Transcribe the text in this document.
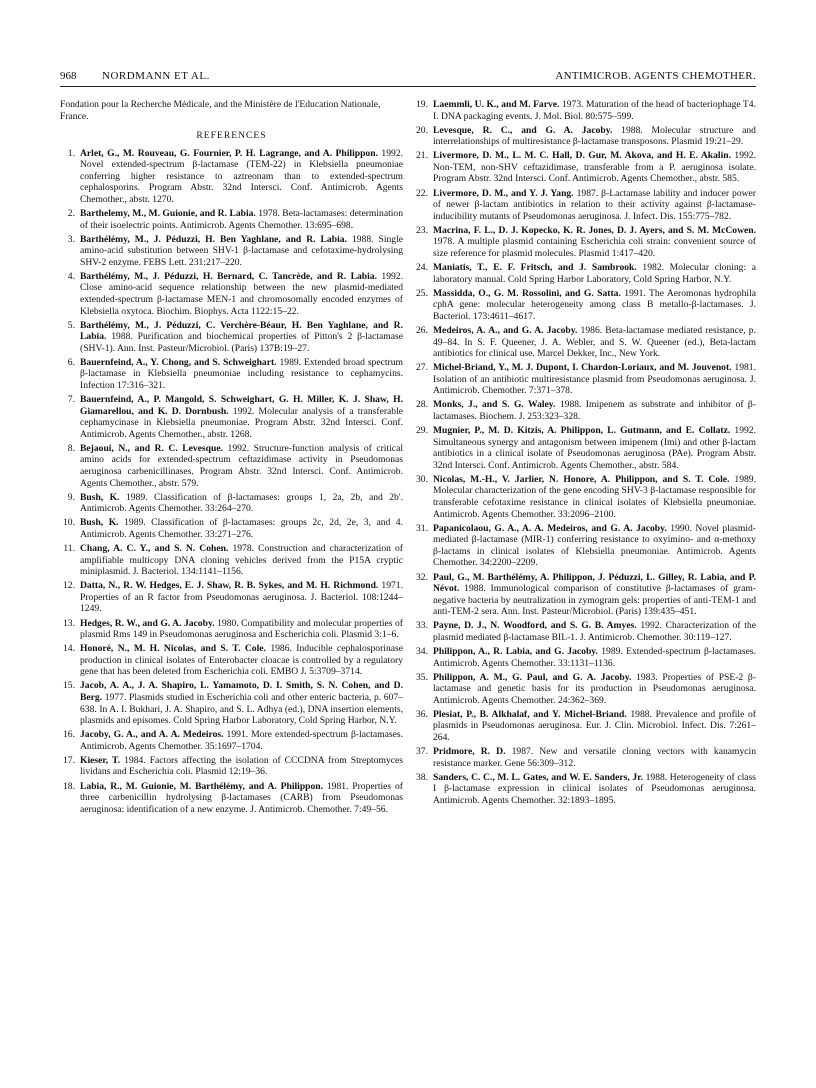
968 NORDMANN ET AL.	ANTIMICROB. AGENTS CHEMOTHER.

Fondation pour la Recherche Médicale, and the Ministère de l'Education Nationale, France.

REFERENCES
1. Arlet, G., M. Rouveau, G. Fournier, P. H. Lagrange, and A. Philippon. 1992. Novel extended-spectrum β-lactamase (TEM-22) in Klebsiella pneumoniae conferring higher resistance to aztreonam than to extended-spectrum cephalosporins. Program Abstr. 32nd Intersci. Conf. Antimicrob. Agents Chemother., abstr. 1270.
2. Barthelemy, M., M. Guionie, and R. Labia. 1978. Beta-lactamases: determination of their isoelectric points. Antimicrob. Agents Chemother. 13:695–698.
3. Barthélémy, M., J. Péduzzi, H. Ben Yaghlane, and R. Labia. 1988. Single amino-acid substitution between SHV-1 β-lactamase and cefotaxime-hydrolysing SHV-2 enzyme. FEBS Lett. 231:217–220.
4. Barthélémy, M., J. Péduzzi, H. Bernard, C. Tancrède, and R. Labia. 1992. Close amino-acid sequence relationship between the new plasmid-mediated extended-spectrum β-lactamase MEN-1 and chromosomally encoded enzymes of Klebsiella oxytoca. Biochim. Biophys. Acta 1122:15–22.
5. Barthélémy, M., J. Péduzzi, C. Verchère-Béaur, H. Ben Yaghlane, and R. Labia. 1988. Purification and biochemical properties of Pitton's 2 β-lactamase (SHV-1). Ann. Inst. Pasteur/Microbiol. (Paris) 137B:19–27.
6. Bauernfeind, A., Y. Chong, and S. Schweighart. 1989. Extended broad spectrum β-lactamase in Klebsiella pneumoniae including resistance to cephamycins. Infection 17:316–321.
7. Bauernfeind, A., P. Mangold, S. Schweighart, G. H. Miller, K. J. Shaw, H. Giamarellou, and K. D. Dornbush. 1992. Molecular analysis of a transferable cephamycinase in Klebsiella pneumoniae. Program Abstr. 32nd Intersci. Conf. Antimicrob. Agents Chemother., abstr. 1268.
8. Bejaoui, N., and R. C. Levesque. 1992. Structure-function analysis of critical amino acids for extended-spectrum ceftazidimase activity in Pseudomonas aeruginosa carbenicillinases. Program Abstr. 32nd Intersci. Conf. Antimicrob. Agents Chemother., abstr. 579.
9. Bush, K. 1989. Classification of β-lactamases: groups 1, 2a, 2b, and 2b'. Antimicrob. Agents Chemother. 33:264–270.
10. Bush, K. 1989. Classification of β-lactamases: groups 2c, 2d, 2e, 3, and 4. Antimicrob. Agents Chemother. 33:271–276.
11. Chang, A. C. Y., and S. N. Cohen. 1978. Construction and characterization of amplifiable multicopy DNA cloning vehicles derived from the P15A cryptic miniplasmid. J. Bacteriol. 134:1141–1156.
12. Datta, N., R. W. Hedges, E. J. Shaw, R. B. Sykes, and M. H. Richmond. 1971. Properties of an R factor from Pseudomonas aeruginosa. J. Bacteriol. 108:1244–1249.
13. Hedges, R. W., and G. A. Jacoby. 1980. Compatibility and molecular properties of plasmid Rms 149 in Pseudomonas aeruginosa and Escherichia coli. Plasmid 3:1–6.
14. Honoré, N., M. H. Nicolas, and S. T. Cole. 1986. Inducible cephalosporinase production in clinical isolates of Enterobacter cloacae is controlled by a regulatory gene that has been deleted from Escherichia coli. EMBO J. 5:3709–3714.
15. Jacob, A. A., J. A. Shapiro, L. Yamamoto, D. I. Smith, S. N. Cohen, and D. Berg. 1977. Plasmids studied in Escherichia coli and other enteric bacteria, p. 607–638. In A. I. Bukhari, J. A. Shapiro, and S. L. Adhya (ed.), DNA insertion elements, plasmids and episomes. Cold Spring Harbor Laboratory, Cold Spring Harbor, N.Y.
16. Jacoby, G. A., and A. A. Medeiros. 1991. More extended-spectrum β-lactamases. Antimicrob. Agents Chemother. 35:1697–1704.
17. Kieser, T. 1984. Factors affecting the isolation of CCCDNA from Streptomyces lividans and Escherichia coli. Plasmid 12:19–36.
18. Labia, R., M. Guionie, M. Barthélémy, and A. Philippon. 1981. Properties of three carbenicillin hydrolysing β-lactamases (CARB) from Pseudomonas aeruginosa: identification of a new enzyme. J. Antimicrob. Chemother. 7:49–56.
19. Laemmli, U. K., and M. Farve. 1973. Maturation of the head of bacteriophage T4. I. DNA packaging events. J. Mol. Biol. 80:575–599.
20. Levesque, R. C., and G. A. Jacoby. 1988. Molecular structure and interrelationships of multiresistance β-lactamase transposons. Plasmid 19:21–29.
21. Livermore, D. M., L. M. C. Hall, D. Gur, M. Akova, and H. E. Akalin. 1992. Non-TEM, non-SHV ceftazidimase, transferable from a P. aeruginosa isolate. Program Abstr. 32nd Intersci. Conf. Antimicrob. Agents Chemother., abstr. 585.
22. Livermore, D. M., and Y. J. Yang. 1987. β-Lactamase lability and inducer power of newer β-lactam antibiotics in relation to their activity against β-lactamase-inducibility mutants of Pseudomonas aeruginosa. J. Infect. Dis. 155:775–782.
23. Macrina, F. L., D. J. Kopecko, K. R. Jones, D. J. Ayers, and S. M. McCowen. 1978. A multiple plasmid containing Escherichia coli strain: convenient source of size reference for plasmid molecules. Plasmid 1:417–420.
24. Maniatis, T., E. F. Fritsch, and J. Sambrook. 1982. Molecular cloning: a laboratory manual. Cold Spring Harbor Laboratory, Cold Spring Harbor, N.Y.
25. Massidda, O., G. M. Rossolini, and G. Satta. 1991. The Aeromonas hydrophila cphA gene: molecular heterogeneity among class B metallo-β-lactamases. J. Bacteriol. 173:4611–4617.
26. Medeiros, A. A., and G. A. Jacoby. 1986. Beta-lactamase mediated resistance, p. 49–84. In S. F. Queener, J. A. Webler, and S. W. Queener (ed.), Beta-lactam antibiotics for clinical use. Marcel Dekker, Inc., New York.
27. Michel-Briand, Y., M. J. Dupont, I. Chardon-Loriaux, and M. Jouvenot. 1981. Isolation of an antibiotic multiresistance plasmid from Pseudomonas aeruginosa. J. Antimicrob. Chemother. 7:371–378.
28. Monks, J., and S. G. Waley. 1988. Imipenem as substrate and inhibitor of β-lactamases. Biochem. J. 253:323–328.
29. Mugnier, P., M. D. Kitzis, A. Philippon, L. Gutmann, and E. Collatz. 1992. Simultaneous synergy and antagonism between imipenem (Imi) and other β-lactam antibiotics in a clinical isolate of Pseudomonas aeruginosa (PAe). Program Abstr. 32nd Intersci. Conf. Antimicrob. Agents Chemother., abstr. 584.
30. Nicolas, M.-H., V. Jarlier, N. Honore, A. Philippon, and S. T. Cole. 1989. Molecular characterization of the gene encoding SHV-3 β-lactamase responsible for transferable cefotaxime resistance in clinical isolates of Klebsiella pneumoniae. Antimicrob. Agents Chemother. 33:2096–2100.
31. Papanicolaou, G. A., A. A. Medeiros, and G. A. Jacoby. 1990. Novel plasmid-mediated β-lactamase (MIR-1) conferring resistance to oxyimino- and α-methoxy β-lactams in clinical isolates of Klebsiella pneumoniae. Antimicrob. Agents Chemother. 34:2200–2209.
32. Paul, G., M. Barthélémy, A. Philippon, J. Péduzzi, L. Gilley, R. Labia, and P. Névot. 1988. Immunological comparison of constitutive β-lactamases of gram-negative bacteria by neutralization in zymogram gels: properties of anti-TEM-1 and anti-TEM-2 sera. Ann. Inst. Pasteur/Microbiol. (Paris) 139:435–451.
33. Payne, D. J., N. Woodford, and S. G. B. Amyes. 1992. Characterization of the plasmid mediated β-lactamase BIL-1. J. Antimicrob. Chemother. 30:119–127.
34. Philippon, A., R. Labia, and G. Jacoby. 1989. Extended-spectrum β-lactamases. Antimicrob. Agents Chemother. 33:1131–1136.
35. Philippon, A. M., G. Paul, and G. A. Jacoby. 1983. Properties of PSE-2 β-lactamase and genetic basis for its production in Pseudomonas aeruginosa. Antimicrob. Agents Chemother. 24:362–369.
36. Plesiat, P., B. Alkhalaf, and Y. Michel-Briand. 1988. Prevalence and profile of plasmids in Pseudomonas aeruginosa. Eur. J. Clin. Microbiol. Infect. Dis. 7:261–264.
37. Pridmore, R. D. 1987. New and versatile cloning vectors with kanamycin resistance marker. Gene 56:309–312.
38. Sanders, C. C., M. L. Gates, and W. E. Sanders, Jr. 1988. Heterogeneity of class I β-lactamase expression in clinical isolates of Pseudomonas aeruginosa. Antimicrob. Agents Chemother. 32:1893–1895.
